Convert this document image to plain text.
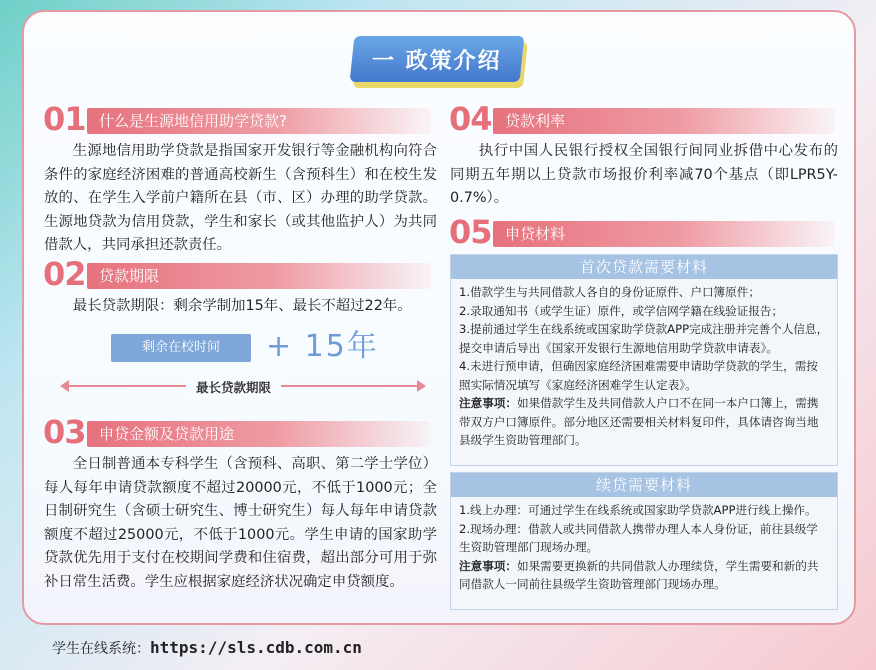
一 政策介绍
01 什么是生源地信用助学贷款?
生源地信用助学贷款是指国家开发银行等金融机构向符合条件的家庭经济困难的普通高校新生（含预科生）和在校生发放的、在学生入学前户籍所在县（市、区）办理的助学贷款。生源地贷款为信用贷款，学生和家长（或其他监护人）为共同借款人，共同承担还款责任。
02 贷款期限
最长贷款期限：剩余学制加15年、最长不超过22年。
剩余在校时间	+ 15年
最长贷款期限
03 申贷金额及贷款用途
全日制普通本专科学生（含预科、高职、第二学士学位）每人每年申请贷款额度不超过20000元，不低于1000元；全日制研究生（含硕士研究生、博士研究生）每人每年申请贷款额度不超过25000元，不低于1000元。学生申请的国家助学贷款优先用于支付在校期间学费和住宿费，超出部分可用于弥补日常生活费。学生应根据家庭经济状况确定申贷额度。
04 贷款利率
执行中国人民银行授权全国银行间同业拆借中心发布的同期五年期以上贷款市场报价利率减70个基点（即LPR5Y-0.7%）。
05 申贷材料
首次贷款需要材料

1.借款学生与共同借款人各自的身份证原件、户口簿原件；

2.录取通知书（或学生证）原件，或学信网学籍在线验证报告；

3.提前通过学生在线系统或国家助学贷款APP完成注册并完善个人信息，提交申请后导出《国家开发银行生源地信用助学贷款申请表》。

4.未进行预申请，但确因家庭经济困难需要申请助学贷款的学生，需按照实际情况填写《家庭经济困难学生认定表》。

注意事项：如果借款学生及共同借款人户口不在同一本户口簿上，需携带双方户口簿原件。部分地区还需要相关材料复印件，具体请咨询当地县级学生资助管理部门。

续贷需要材料

1.线上办理：可通过学生在线系统或国家助学贷款APP进行线上操作。

2.现场办理：借款人或共同借款人携带办理人本人身份证，前往县级学生资助管理部门现场办理。

注意事项：如果需要更换新的共同借款人办理续贷，学生需要和新的共同借款人一同前往县级学生资助管理部门现场办理。

学生在线系统：https://sls.cdb.com.cn
